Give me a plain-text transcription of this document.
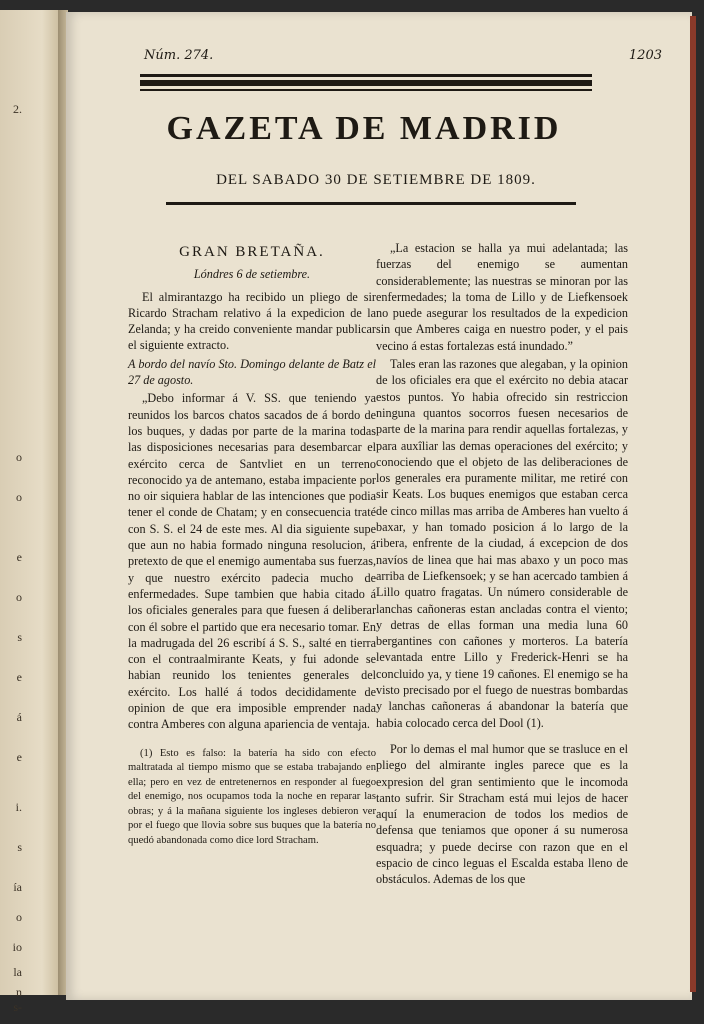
2.
o
o
e
o
s
e
á
e
i.
s
ía
o
io
la
n
s-
Núm. 274.	1203
GAZETA DE MADRID
DEL SABADO 30 DE SETIEMBRE DE 1809.
GRAN BRETAÑA.
Lóndres 6 de setiembre.

El almirantazgo ha recibido un pliego de sir Ricardo Stracham relativo á la expedicion de la Zelanda; y ha creido conveniente mandar publicar el siguiente extracto.

A bordo del navío Sto. Domingo delante de Batz el 27 de agosto.

„Debo informar á V. SS. que teniendo ya reunidos los barcos chatos sacados de á bordo de los buques, y dadas por parte de la marina todas las disposiciones necesarias para desembarcar el exército cerca de Santvliet en un terreno reconocido ya de antemano, estaba impaciente por no oir siquiera hablar de las intenciones que podia tener el conde de Chatam; y en consecuencia traté con S. S. el 24 de este mes. Al dia siguiente supe que aun no habia formado ninguna resolucion, á pretexto de que el enemigo aumentaba sus fuerzas, y que nuestro exército padecia mucho de enfermedades. Supe tambien que habia citado á los oficiales generales para que fuesen á deliberar con él sobre el partido que era necesario tomar. En la madrugada del 26 escribí á S. S., salté en tierra con el contraalmirante Keats, y fui adonde se habian reunido los tenientes generales del exército. Los hallé á todos decididamente de opinion de que era imposible emprender nada contra Amberes con alguna apariencia de ventaja.

(1) Esto es falso: la batería ha sido con efecto maltratada al tiempo mismo que se estaba trabajando en ella; pero en vez de entretenernos en responder al fuego del enemigo, nos ocupamos toda la noche en reparar las obras; y á la mañana siguiente los ingleses debieron ver por el fuego que llovia sobre sus buques que la batería no quedó abandonada como dice lord Stracham.

„La estacion se halla ya mui adelantada; las fuerzas del enemigo se aumentan considerablemente; las nuestras se minoran por las enfermedades; la toma de Lillo y de Liefkensoek no puede asegurar los resultados de la expedicion sin que Amberes caiga en nuestro poder, y el pais vecino á estas fortalezas está inundado.”

Tales eran las razones que alegaban, y la opinion de los oficiales era que el exército no debia atacar estos puntos. Yo habia ofrecido sin restriccion ninguna quantos socorros fuesen necesarios de parte de la marina para rendir aquellas fortalezas, y para auxîliar las demas operaciones del exército; y conociendo que el objeto de las deliberaciones de los generales era puramente militar, me retiré con sir Keats. Los buques enemigos que estaban cerca de cinco millas mas arriba de Amberes han vuelto á baxar, y han tomado posicion á lo largo de la ribera, enfrente de la ciudad, á excepcion de dos navíos de linea que hai mas abaxo y un poco mas arriba de Liefkensoek; y se han acercado tambien á Lillo quatro fragatas. Un número considerable de lanchas cañoneras estan ancladas contra el viento; y detras de ellas forman una media luna 60 bergantines con cañones y morteros. La batería levantada entre Lillo y Frederick-Henri se ha concluido ya, y tiene 19 cañones. El enemigo se ha visto precisado por el fuego de nuestras bombardas y lanchas cañoneras á abandonar la batería que habia colocado cerca del Dool (1).

Por lo demas el mal humor que se trasluce en el pliego del almirante ingles parece que es la expresion del gran sentimiento que le incomoda tanto sufrir. Sir Stracham está mui lejos de hacer aquí la enumeracion de todos los medios de defensa que teniamos que oponer á su numerosa esquadra; y puede decirse con razon que en el espacio de cinco leguas el Escalda estaba lleno de obstáculos. Ademas de los que
